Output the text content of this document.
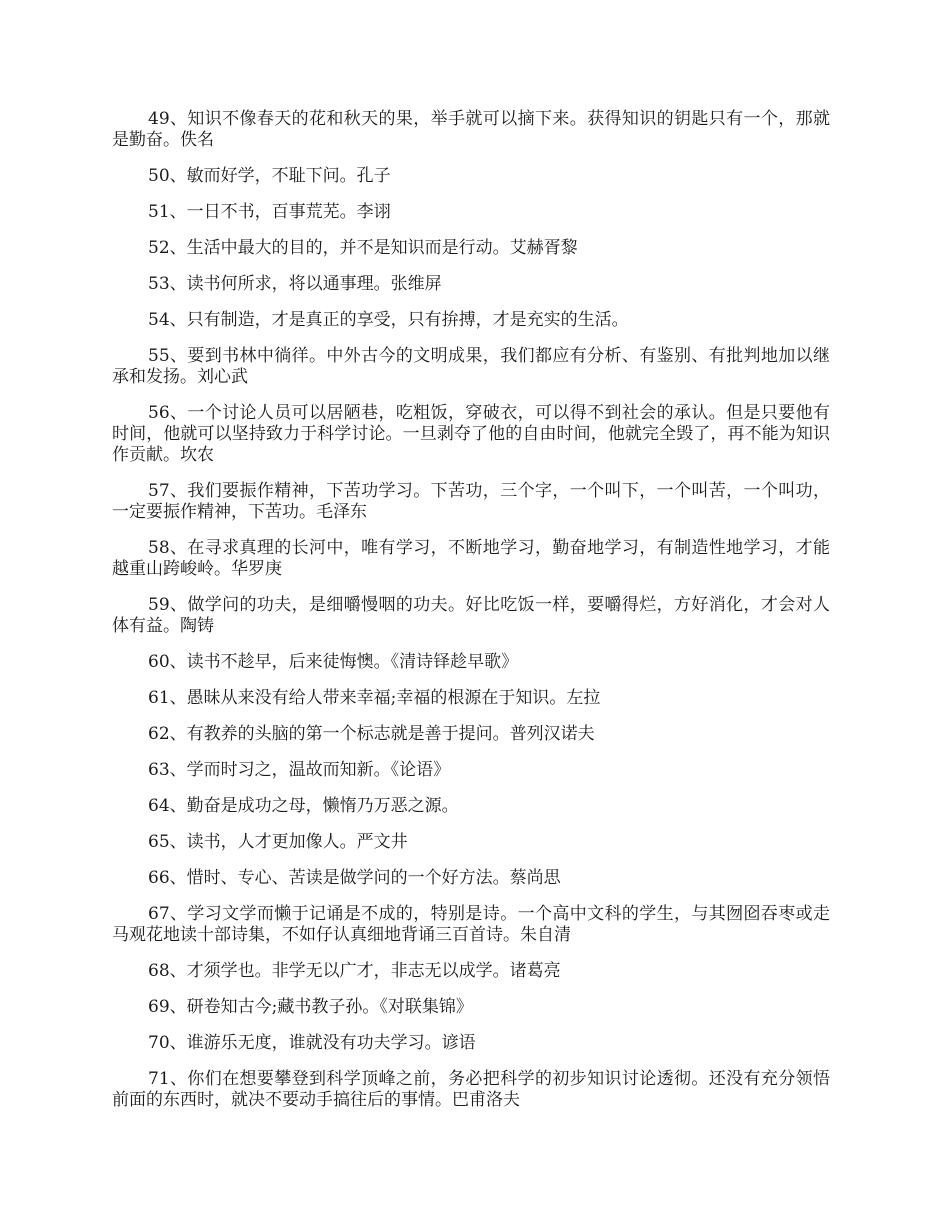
49、知识不像春天的花和秋天的果，举手就可以摘下来。获得知识的钥匙只有一个，那就是勤奋。佚名

50、敏而好学，不耻下问。孔子

51、一日不书，百事荒芜。李诩

52、生活中最大的目的，并不是知识而是行动。艾赫胥黎

53、读书何所求，将以通事理。张维屏

54、只有制造，才是真正的享受，只有拚搏，才是充实的生活。

55、要到书林中徜徉。中外古今的文明成果，我们都应有分析、有鉴别、有批判地加以继承和发扬。刘心武

56、一个讨论人员可以居陋巷，吃粗饭，穿破衣，可以得不到社会的承认。但是只要他有时间，他就可以坚持致力于科学讨论。一旦剥夺了他的自由时间，他就完全毁了，再不能为知识作贡献。坎农

57、我们要振作精神，下苦功学习。下苦功，三个字，一个叫下，一个叫苦，一个叫功，一定要振作精神，下苦功。毛泽东

58、在寻求真理的长河中，唯有学习，不断地学习，勤奋地学习，有制造性地学习，才能越重山跨峻岭。华罗庚

59、做学问的功夫，是细嚼慢咽的功夫。好比吃饭一样，要嚼得烂，方好消化，才会对人体有益。陶铸

60、读书不趁早，后来徒悔懊。《清诗铎趁早歌》

61、愚昧从来没有给人带来幸福;幸福的根源在于知识。左拉

62、有教养的头脑的第一个标志就是善于提问。普列汉诺夫

63、学而时习之，温故而知新。《论语》

64、勤奋是成功之母，懒惰乃万恶之源。

65、读书，人才更加像人。严文井

66、惜时、专心、苦读是做学问的一个好方法。蔡尚思

67、学习文学而懒于记诵是不成的，特别是诗。一个高中文科的学生，与其囫囵吞枣或走马观花地读十部诗集，不如仔认真细地背诵三百首诗。朱自清

68、才须学也。非学无以广才，非志无以成学。诸葛亮

69、研卷知古今;藏书教子孙。《对联集锦》

70、谁游乐无度，谁就没有功夫学习。谚语

71、你们在想要攀登到科学顶峰之前，务必把科学的初步知识讨论透彻。还没有充分领悟前面的东西时，就决不要动手搞往后的事情。巴甫洛夫
